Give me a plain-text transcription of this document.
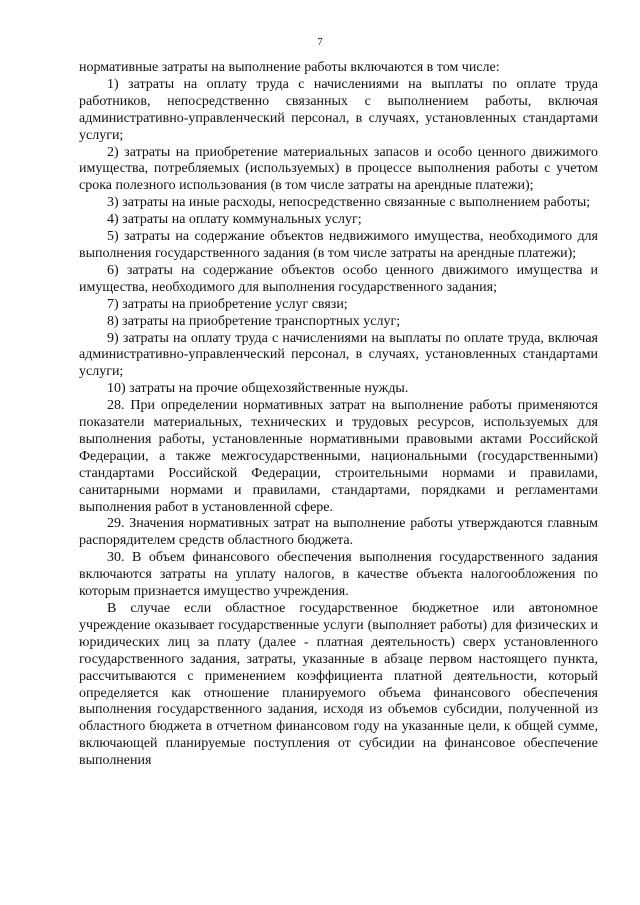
7

нормативные затраты на выполнение работы включаются в том числе:

1) затраты на оплату труда с начислениями на выплаты по оплате труда работников, непосредственно связанных с выполнением работы, включая административно-управленческий персонал, в случаях, установленных стандартами услуги;

2) затраты на приобретение материальных запасов и особо ценного движимого имущества, потребляемых (используемых) в процессе выполнения работы с учетом срока полезного использования (в том числе затраты на арендные платежи);

3) затраты на иные расходы, непосредственно связанные с выполнением работы;

4) затраты на оплату коммунальных услуг;

5) затраты на содержание объектов недвижимого имущества, необходимого для выполнения государственного задания (в том числе затраты на арендные платежи);

6) затраты на содержание объектов особо ценного движимого имущества и имущества, необходимого для выполнения государственного задания;

7) затраты на приобретение услуг связи;

8) затраты на приобретение транспортных услуг;

9) затраты на оплату труда с начислениями на выплаты по оплате труда, включая административно-управленческий персонал, в случаях, установленных стандартами услуги;

10) затраты на прочие общехозяйственные нужды.

28. При определении нормативных затрат на выполнение работы применяются показатели материальных, технических и трудовых ресурсов, используемых для выполнения работы, установленные нормативными правовыми актами Российской Федерации, а также межгосударственными, национальными (государственными) стандартами Российской Федерации, строительными нормами и правилами, санитарными нормами и правилами, стандартами, порядками и регламентами выполнения работ в установленной сфере.

29. Значения нормативных затрат на выполнение работы утверждаются главным распорядителем средств областного бюджета.

30. В объем финансового обеспечения выполнения государственного задания включаются затраты на уплату налогов, в качестве объекта налогообложения по которым признается имущество учреждения.

В случае если областное государственное бюджетное или автономное учреждение оказывает государственные услуги (выполняет работы) для физических и юридических лиц за плату (далее - платная деятельность) сверх установленного государственного задания, затраты, указанные в абзаце первом настоящего пункта, рассчитываются с применением коэффициента платной деятельности, который определяется как отношение планируемого объема финансового обеспечения выполнения государственного задания, исходя из объемов субсидии, полученной из областного бюджета в отчетном финансовом году на указанные цели, к общей сумме, включающей планируемые поступления от субсидии на финансовое обеспечение выполнения
